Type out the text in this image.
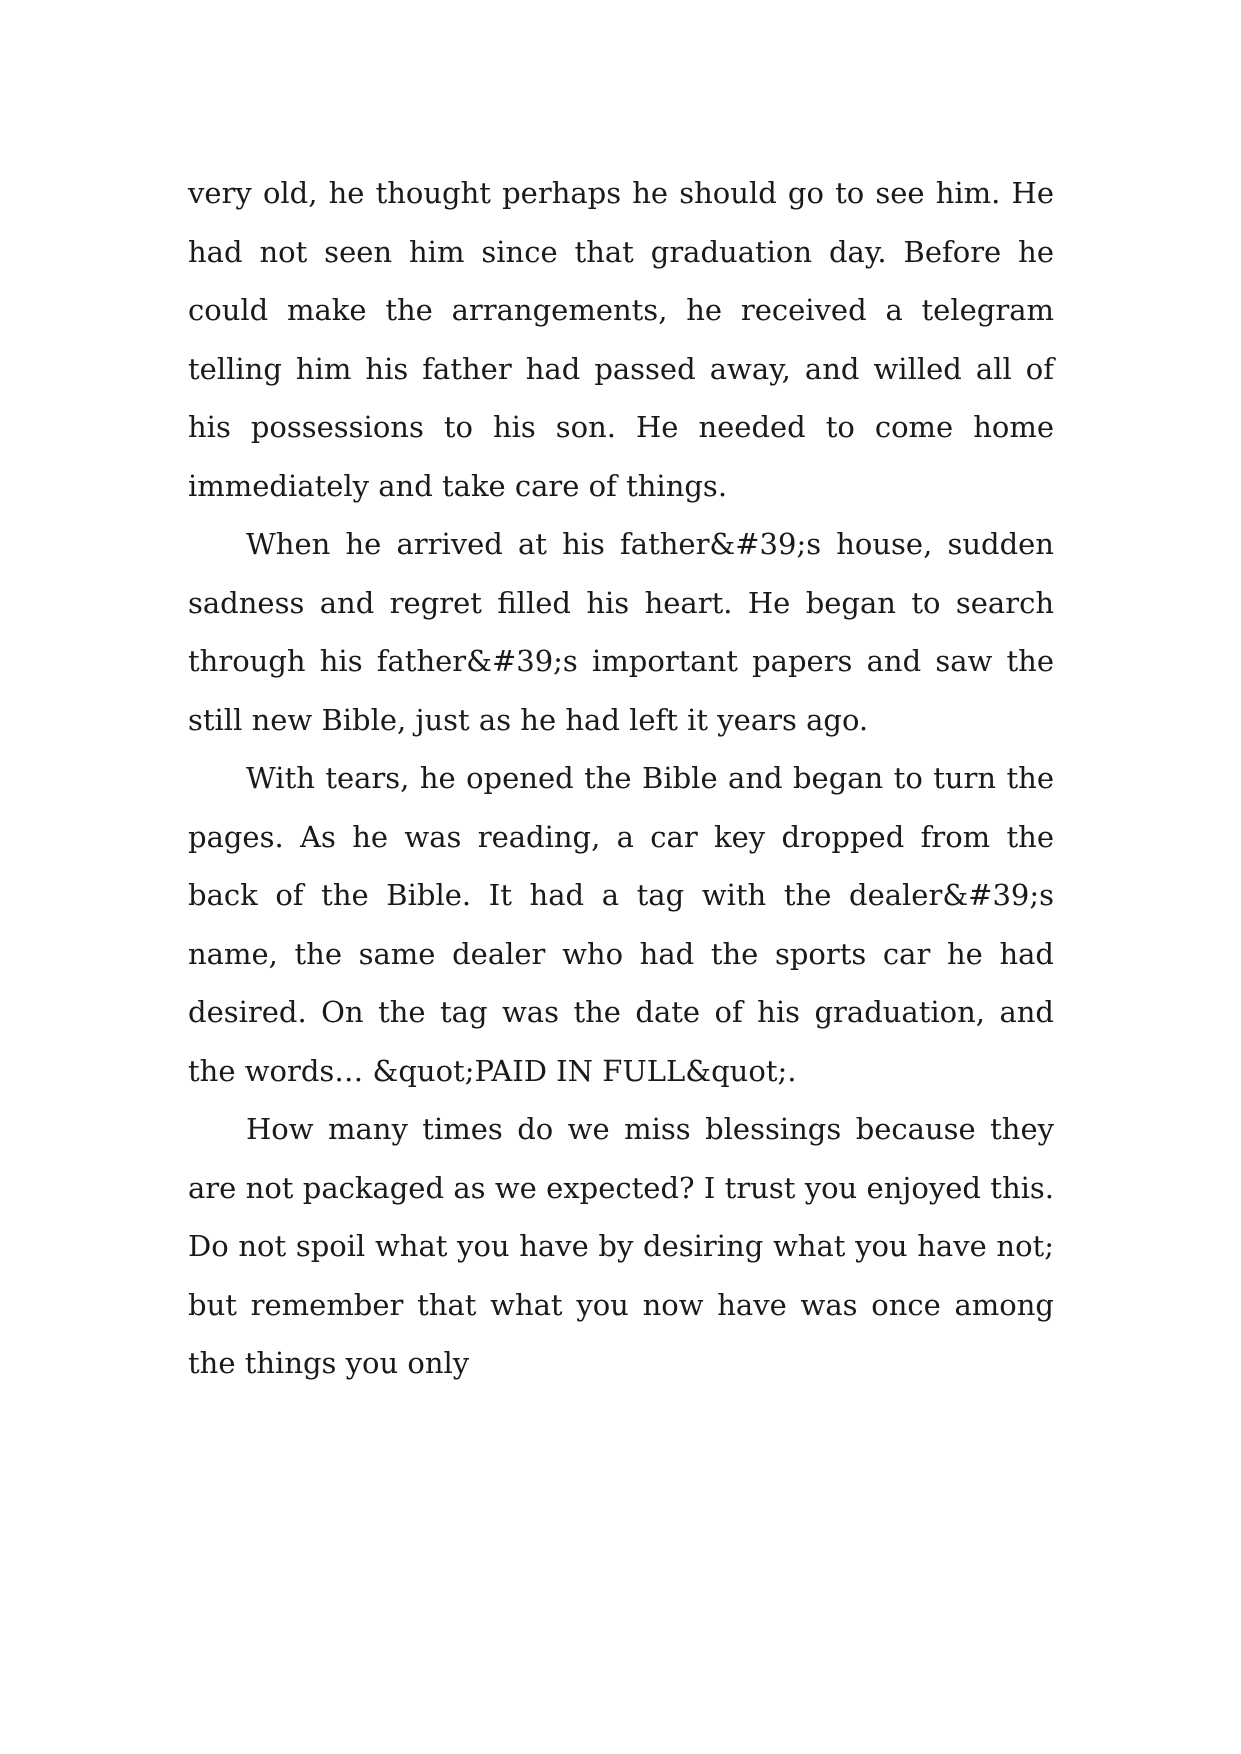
very old, he thought perhaps he should go to see him. He had not seen him since that graduation day. Before he could make the arrangements, he received a telegram telling him his father had passed away, and willed all of his possessions to his son. He needed to come home immediately and take care of things.

When he arrived at his father&#39;s house, sudden sadness and regret filled his heart. He began to search through his father&#39;s important papers and saw the still new Bible, just as he had left it years ago.

With tears, he opened the Bible and began to turn the pages. As he was reading, a car key dropped from the back of the Bible. It had a tag with the dealer&#39;s name, the same dealer who had the sports car he had desired. On the tag was the date of his graduation, and the words… &quot;PAID IN FULL&quot;.

How many times do we miss blessings because they are not packaged as we expected? I trust you enjoyed this. Do not spoil what you have by desiring what you have not; but remember that what you now have was once among the things you only
